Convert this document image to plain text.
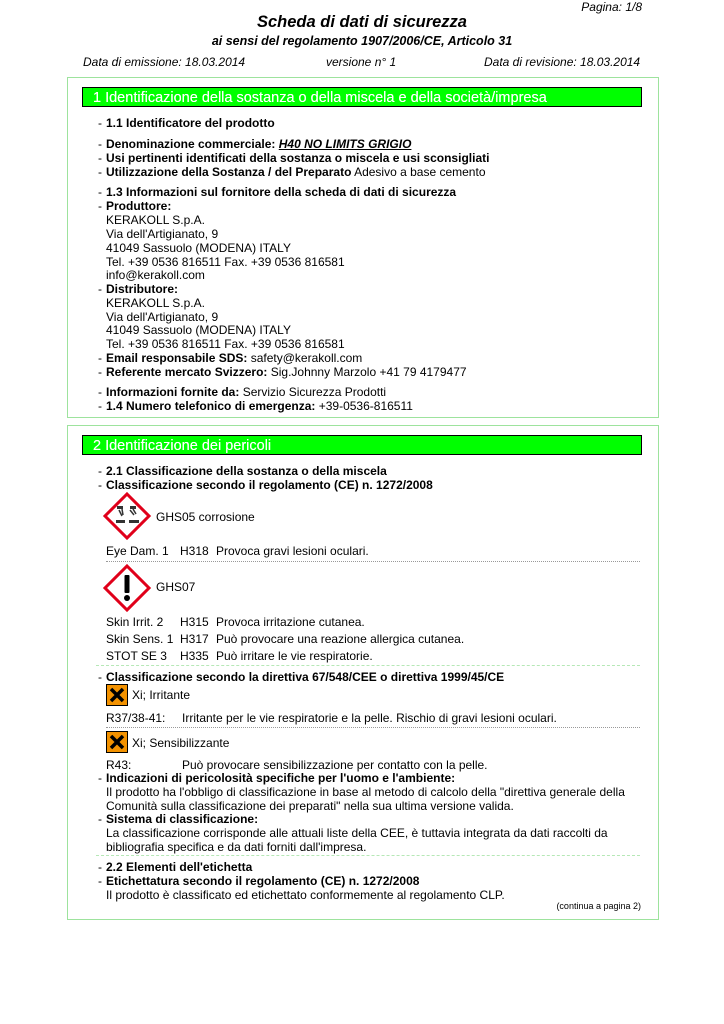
Pagina: 1/8
Scheda di dati di sicurezza
ai sensi del regolamento 1907/2006/CE, Articolo 31
Data di emissione: 18.03.2014	versione n° 1	Data di revisione: 18.03.2014
1 Identificazione della sostanza o della miscela e della società/impresa
- 1.1 Identificatore del prodotto
- Denominazione commerciale: H40 NO LIMITS GRIGIO
- Usi pertinenti identificati della sostanza o miscela e usi sconsigliati
- Utilizzazione della Sostanza / del Preparato Adesivo a base cemento
- 1.3 Informazioni sul fornitore della scheda di dati di sicurezza
- Produttore:
KERAKOLL S.p.A.
Via dell'Artigianato, 9
41049 Sassuolo (MODENA) ITALY
Tel. +39 0536 816511 Fax. +39 0536 816581
info@kerakoll.com
- Distributore:
KERAKOLL S.p.A.
Via dell'Artigianato, 9
41049 Sassuolo (MODENA) ITALY
Tel. +39 0536 816511 Fax. +39 0536 816581
- Email responsabile SDS: safety@kerakoll.com
- Referente mercato Svizzero: Sig.Johnny Marzolo +41 79 4179477
- Informazioni fornite da: Servizio Sicurezza Prodotti
- 1.4 Numero telefonico di emergenza: +39-0536-816511
2 Identificazione dei pericoli
- 2.1 Classificazione della sostanza o della miscela
- Classificazione secondo il regolamento (CE) n. 1272/2008
GHS05 corrosione
Eye Dam. 1 H318 Provoca gravi lesioni oculari.
GHS07
Skin Irrit. 2 H315 Provoca irritazione cutanea.
Skin Sens. 1 H317 Può provocare una reazione allergica cutanea.
STOT SE 3 H335 Può irritare le vie respiratorie.
- Classificazione secondo la direttiva 67/548/CEE o direttiva 1999/45/CE
Xi; Irritante
R37/38-41: Irritante per le vie respiratorie e la pelle. Rischio di gravi lesioni oculari.
Xi; Sensibilizzante
R43:	Può provocare sensibilizzazione per contatto con la pelle.
- Indicazioni di pericolosità specifiche per l'uomo e l'ambiente:
Il prodotto ha l'obbligo di classificazione in base al metodo di calcolo della "direttiva generale della
Comunità sulla classificazione dei preparati" nella sua ultima versione valida.
- Sistema di classificazione:
La classificazione corrisponde alle attuali liste della CEE, è tuttavia integrata da dati raccolti da
bibliografia specifica e da dati forniti dall'impresa.
- 2.2 Elementi dell'etichetta
- Etichettatura secondo il regolamento (CE) n. 1272/2008
Il prodotto è classificato ed etichettato conformemente al regolamento CLP.
(continua a pagina 2)
